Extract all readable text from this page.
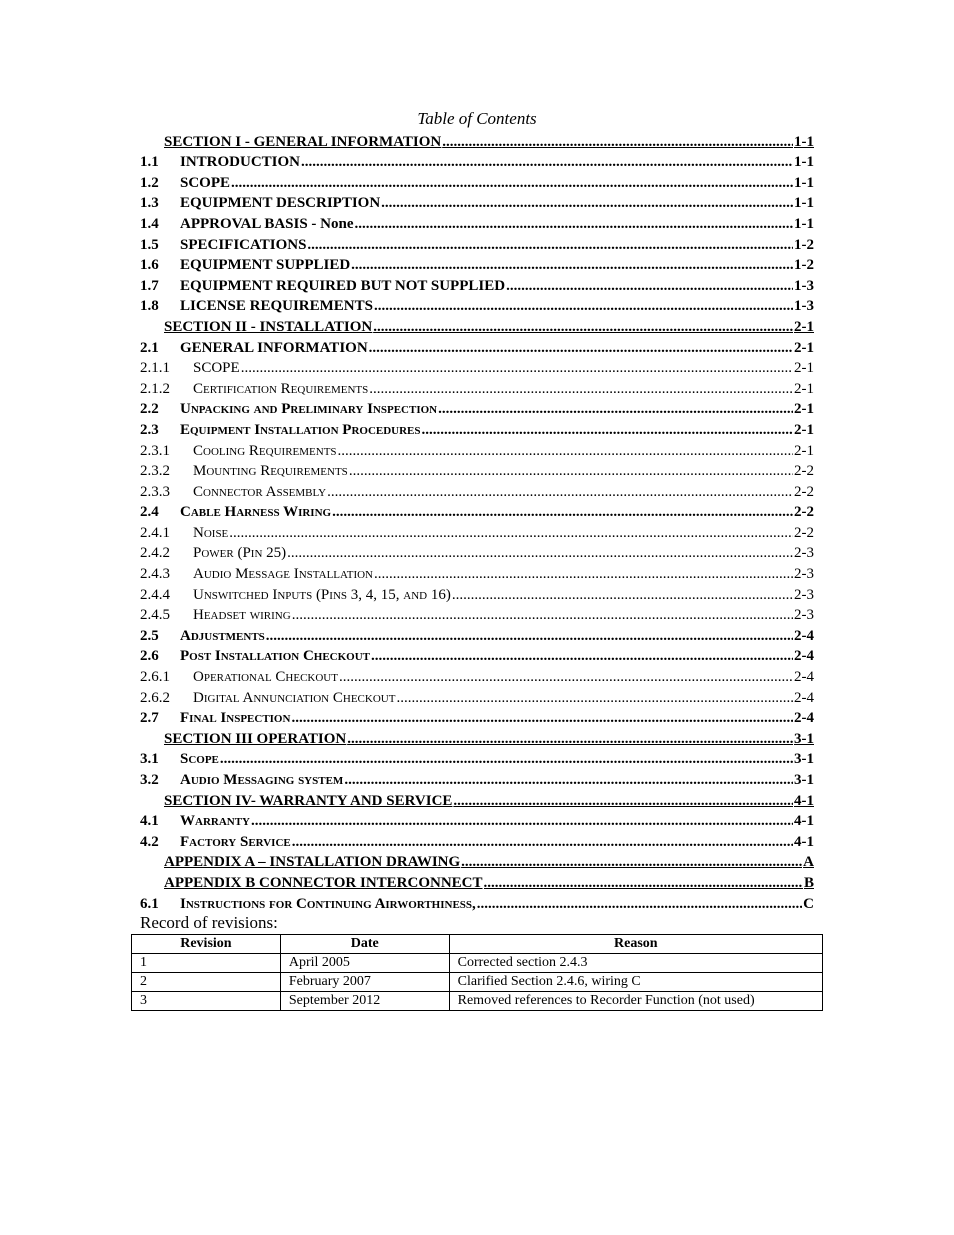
Table of Contents
SECTION I - GENERAL INFORMATION .....	1-1
1.1	INTRODUCTION .....	1-1
1.2	SCOPE .....	1-1
1.3	EQUIPMENT DESCRIPTION .....	1-1
1.4	APPROVAL BASIS - None .....	1-1
1.5	SPECIFICATIONS .....	1-2
1.6	EQUIPMENT SUPPLIED .....	1-2
1.7	EQUIPMENT REQUIRED BUT NOT SUPPLIED .....	1-3
1.8	LICENSE REQUIREMENTS .....	1-3
SECTION II - INSTALLATION .....	2-1
2.1	GENERAL INFORMATION .....	2-1
2.1.1	SCOPE .....	2-1
2.1.2	Certification Requirements .....	2-1
2.2	Unpacking and Preliminary Inspection .....	2-1
2.3	Equipment Installation Procedures .....	2-1
2.3.1	Cooling Requirements .....	2-1
2.3.2	Mounting Requirements .....	2-2
2.3.3	Connector Assembly .....	2-2
2.4	Cable Harness Wiring .....	2-2
2.4.1	Noise .....	2-2
2.4.2	Power (Pin 25) .....	2-3
2.4.3	Audio Message Installation .....	2-3
2.4.4	Unswitched Inputs (Pins 3, 4, 15, and 16) .....	2-3
2.4.5	Headset wiring .....	2-3
2.5	Adjustments .....	2-4
2.6	Post Installation Checkout .....	2-4
2.6.1	Operational Checkout .....	2-4
2.6.2	Digital Annunciation Checkout .....	2-4
2.7	Final Inspection .....	2-4
SECTION III OPERATION .....	3-1
3.1	Scope .....	3-1
3.2	Audio Messaging system .....	3-1
SECTION IV- WARRANTY AND SERVICE .....	4-1
4.1	Warranty .....	4-1
4.2	Factory Service .....	4-1
APPENDIX A – INSTALLATION DRAWING .....	A
APPENDIX B CONNECTOR INTERCONNECT .....	B
6.1	Instructions for Continuing Airworthiness, .....	C
Record of revisions:
Revision	Date	Reason
1	April 2005	Corrected section 2.4.3
2	February 2007	Clarified Section 2.4.6, wiring C
3	September 2012	Removed references to Recorder Function (not used)
